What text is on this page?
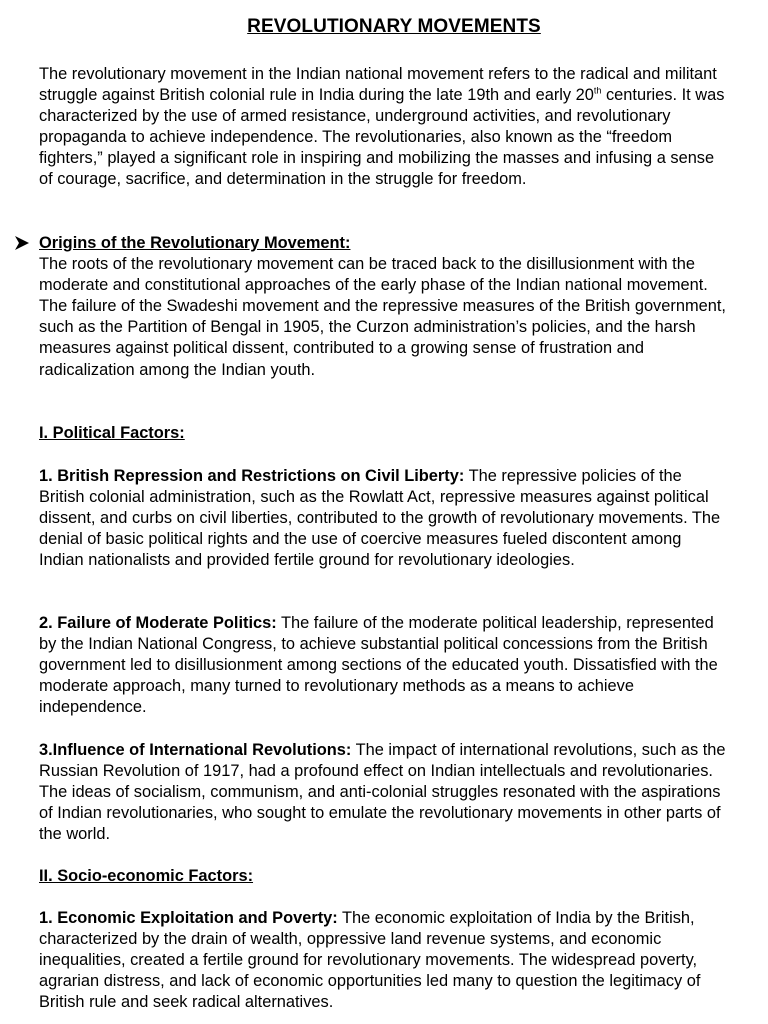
REVOLUTIONARY MOVEMENTS

The revolutionary movement in the Indian national movement refers to the radical and militant struggle against British colonial rule in India during the late 19th and early 20th centuries. It was characterized by the use of armed resistance, underground activities, and revolutionary propaganda to achieve independence. The revolutionaries, also known as the “freedom fighters,” played a significant role in inspiring and mobilizing the masses and infusing a sense of courage, sacrifice, and determination in the struggle for freedom.

Origins of the Revolutionary Movement:
The roots of the revolutionary movement can be traced back to the disillusionment with the moderate and constitutional approaches of the early phase of the Indian national movement. The failure of the Swadeshi movement and the repressive measures of the British government, such as the Partition of Bengal in 1905, the Curzon administration’s policies, and the harsh measures against political dissent, contributed to a growing sense of frustration and radicalization among the Indian youth.

I. Political Factors:

1. British Repression and Restrictions on Civil Liberty: The repressive policies of the British colonial administration, such as the Rowlatt Act, repressive measures against political dissent, and curbs on civil liberties, contributed to the growth of revolutionary movements. The denial of basic political rights and the use of coercive measures fueled discontent among Indian nationalists and provided fertile ground for revolutionary ideologies.

2. Failure of Moderate Politics: The failure of the moderate political leadership, represented by the Indian National Congress, to achieve substantial political concessions from the British government led to disillusionment among sections of the educated youth. Dissatisfied with the moderate approach, many turned to revolutionary methods as a means to achieve independence.

3.Influence of International Revolutions: The impact of international revolutions, such as the Russian Revolution of 1917, had a profound effect on Indian intellectuals and revolutionaries. The ideas of socialism, communism, and anti-colonial struggles resonated with the aspirations of Indian revolutionaries, who sought to emulate the revolutionary movements in other parts of the world.

II. Socio-economic Factors:

1. Economic Exploitation and Poverty: The economic exploitation of India by the British, characterized by the drain of wealth, oppressive land revenue systems, and economic inequalities, created a fertile ground for revolutionary movements. The widespread poverty, agrarian distress, and lack of economic opportunities led many to question the legitimacy of British rule and seek radical alternatives.
